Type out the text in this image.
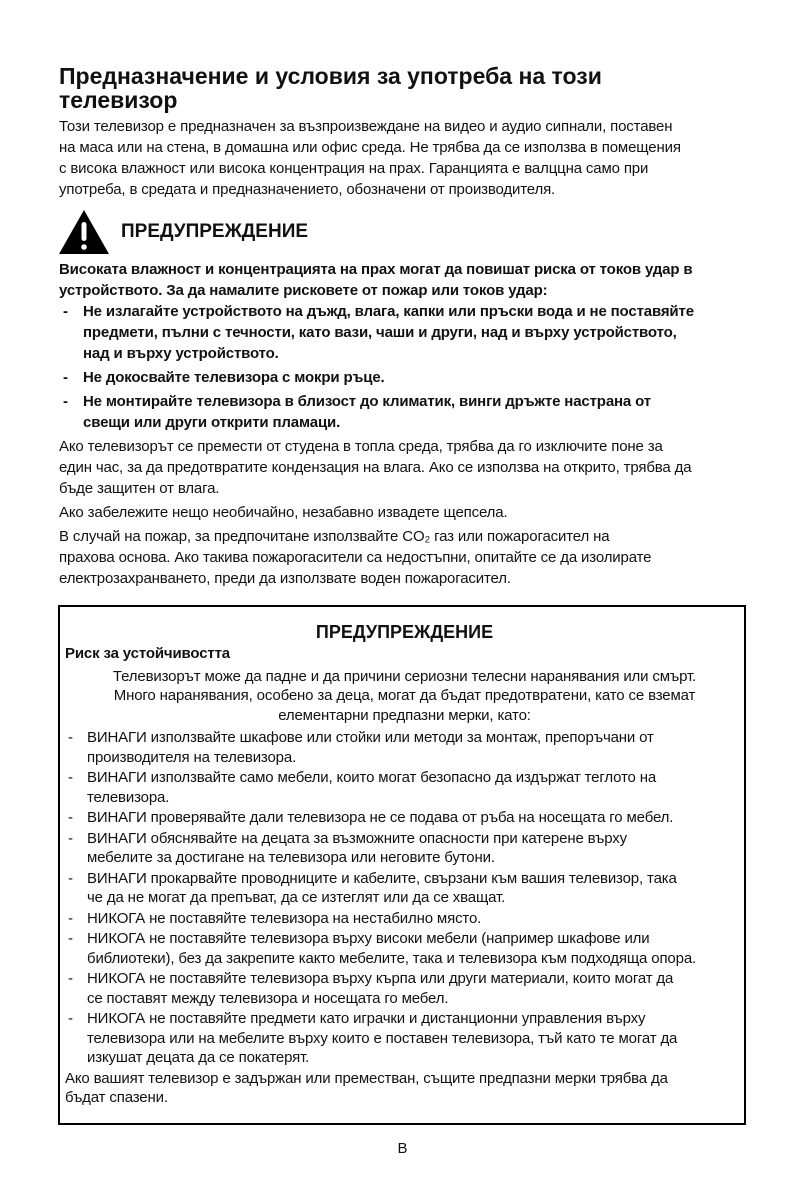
Предназначение и условия за употреба на този
телевизор
Този телевизор е предназначен за възпроизвеждане на видео и аудио сипнали, поставен
на маса или на стена, в домашна или офис среда. Не трябва да се използва в помещения
с висока влажност или висока концентрация на прах. Гаранцията е валццна само при
употреба, в средата и предназначението, обозначени от производителя.
ПРЕДУПРЕЖДЕНИЕ
Високата влажност и концентрацията на прах могат да повишат риска от токов удар в
устройството. За да намалите рисковете от пожар или токов удар:
- Не излагайте устройството на дъжд, влага, капки или пръски вода и не поставяйте
предмети, пълни с течности, като вази, чаши и други, над и върху устройството,
над и върху устройството.
- Не докосвайте телевизора с мокри ръце.
- Не монтирайте телевизора в близост до климатик, винги дръжте настрана от
свещи или други открити пламаци.
Ако телевизорът се премести от студена в топла среда, трябва да го изключите поне за
един час, за да предотвратите кондензация на влага. Ако се използва на открито, трябва да
бъде защитен от влага.
Ако забележите нещо необичайно, незабавно извадете щепсела.
В случай на пожар, за предпочитане използвайте CO₂ газ или пожарогасител на
прахова основа. Ако такива пожарогасители са недостъпни, опитайте се да изолирате
електрозахранването, преди да използвате воден пожарогасител.
ПРЕДУПРЕЖДЕНИЕ
Риск за устойчивостта
Телевизорът може да падне и да причини сериозни телесни наранявания или смърт.
Много наранявания, особено за деца, могат да бъдат предотвратени, като се вземат
елементарни предпазни мерки, като:
- ВИНАГИ използвайте шкафове или стойки или методи за монтаж, препоръчани от
производителя на телевизора.
- ВИНАГИ използвайте само мебели, които могат безопасно да издържат теглото на
телевизора.
- ВИНАГИ проверявайте дали телевизора не се подава от ръба на носещата го мебел.
- ВИНАГИ обяснявайте на децата за възможните опасности при катерене върху
мебелите за достигане на телевизора или неговите бутони.
- ВИНАГИ прокарвайте проводниците и кабелите, свързани към вашия телевизор, така
че да не могат да препъват, да се изтеглят или да се хващат.
- НИКОГА не поставяйте телевизора на нестабилно място.
- НИКОГА не поставяйте телевизора върху високи мебели (например шкафове или
библиотеки), без да закрепите както мебелите, така и телевизора към подходяща опора.
- НИКОГА не поставяйте телевизора върху кърпа или други материали, които могат да
се поставят между телевизора и носещата го мебел.
- НИКОГА не поставяйте предмети като играчки и дистанционни управления върху
телевизора или на мебелите върху които е поставен телевизора, тъй като те могат да
изкушат децата да се покатерят.
Ако вашият телевизор е задържан или преместван, същите предпазни мерки трябва да
бъдат спазени.
В
